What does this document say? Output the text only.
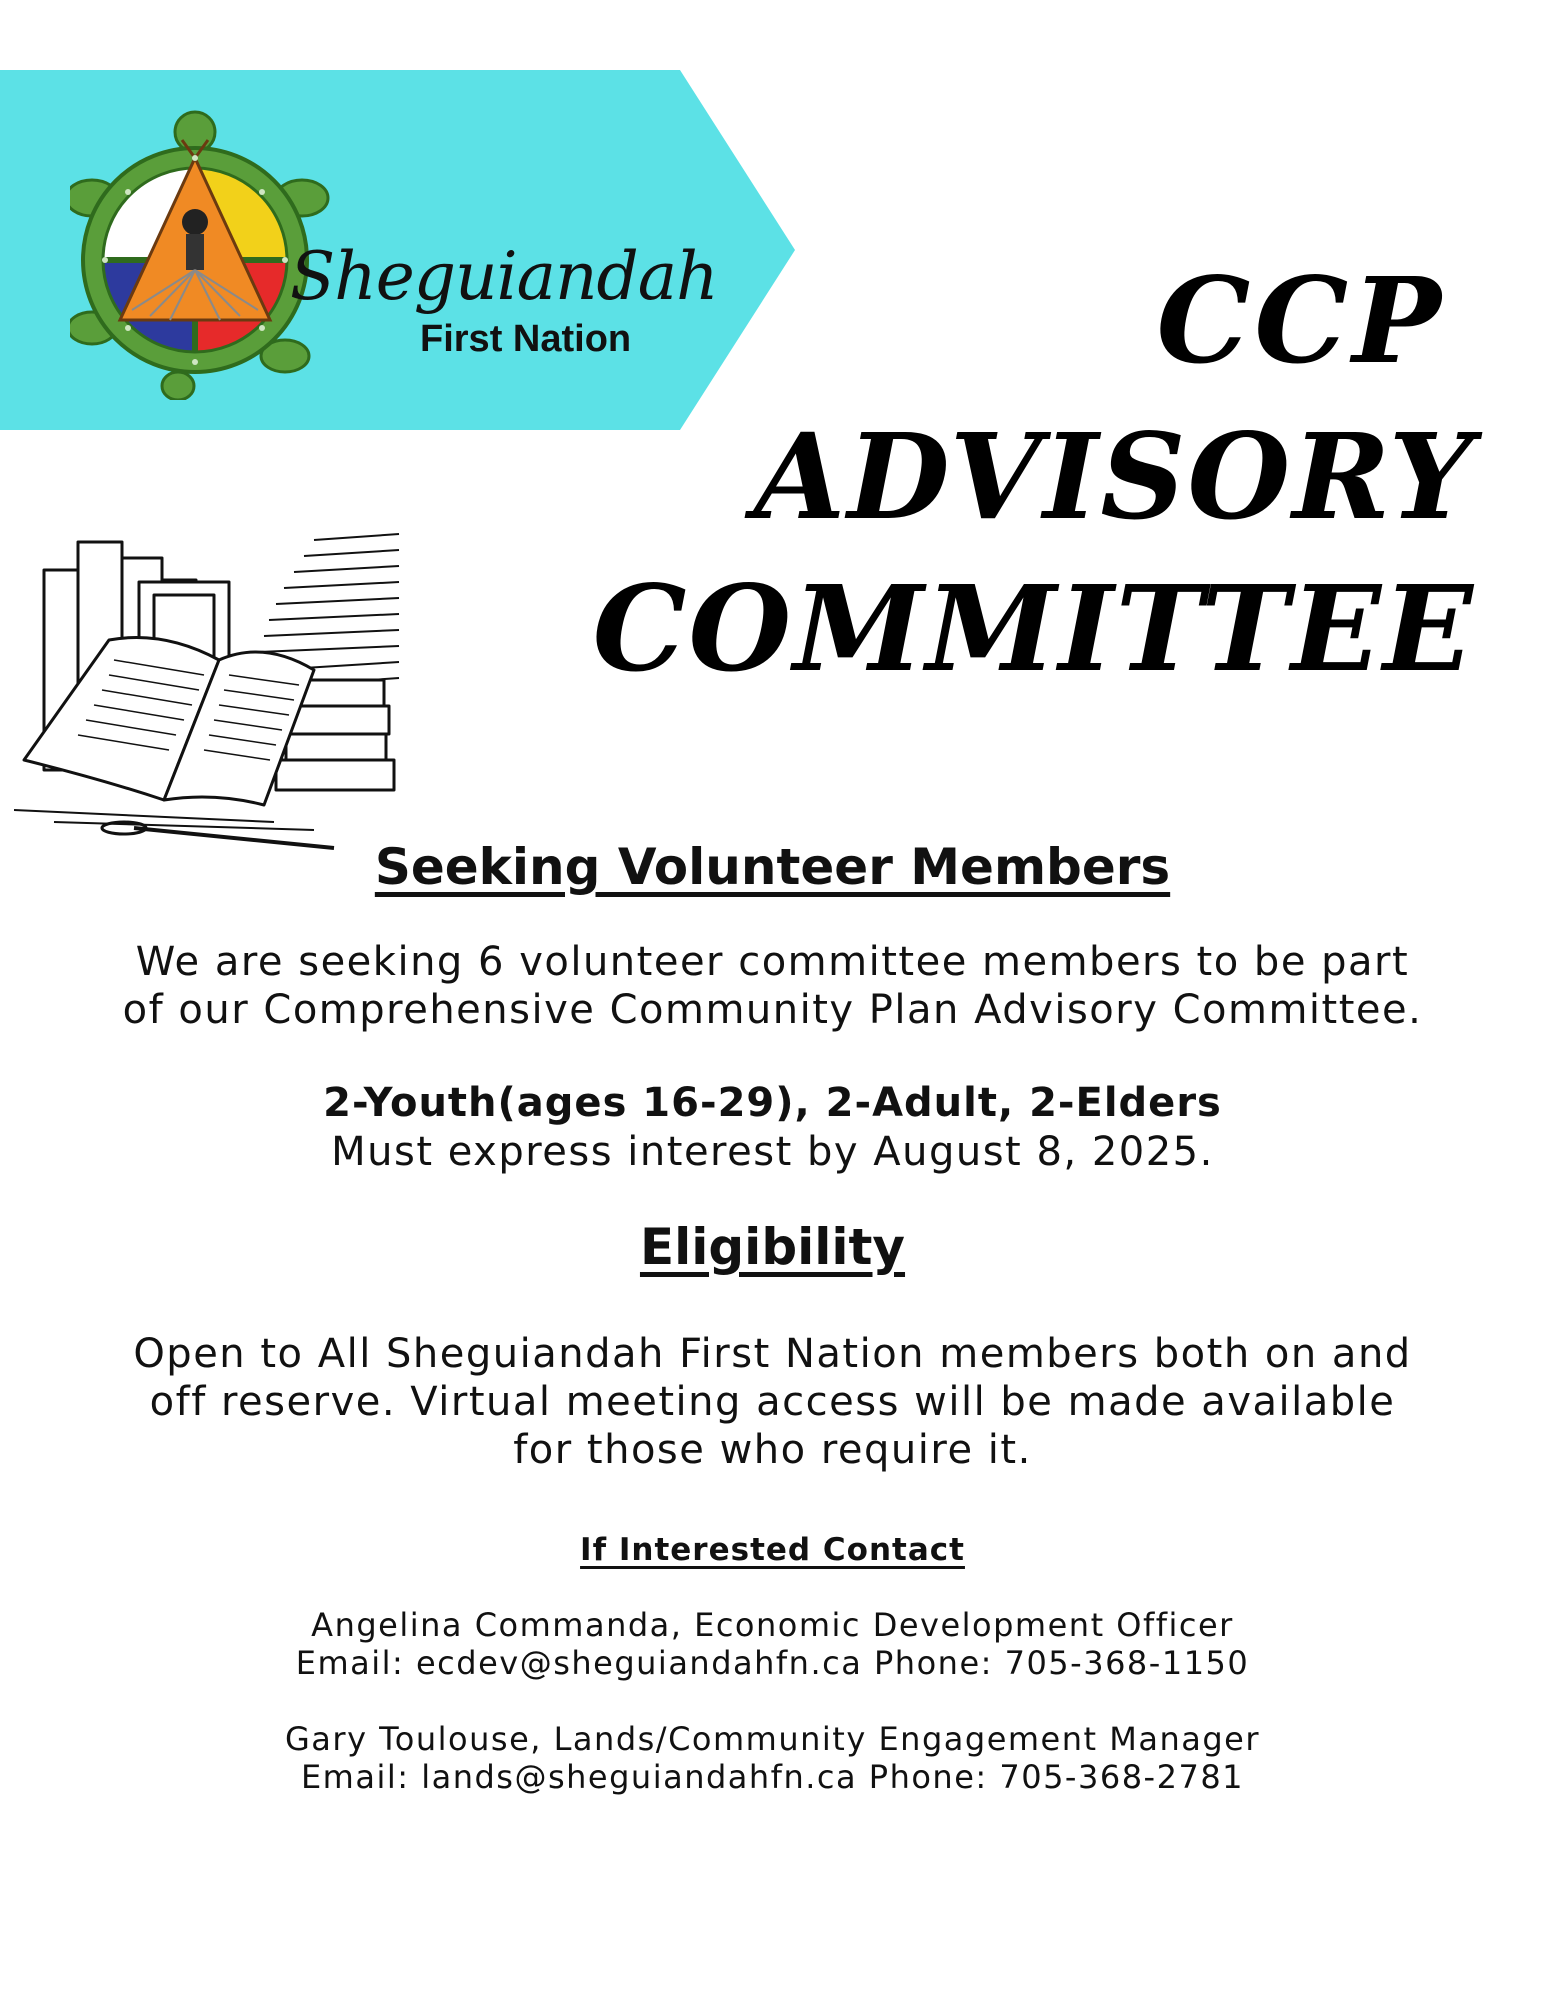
Sheguiandah
First Nation	CCP
ADVISORY
COMMITTEE
Seeking Volunteer Members
We are seeking 6 volunteer committee members to be part
of our Comprehensive Community Plan Advisory Committee.
2-Youth(ages 16-29), 2-Adult, 2-Elders
Must express interest by August 8, 2025.
Eligibility
Open to All Sheguiandah First Nation members both on and
off reserve. Virtual meeting access will be made available
for those who require it.
If Interested Contact
Angelina Commanda, Economic Development Officer
Email: ecdev@sheguiandahfn.ca Phone: 705-368-1150
Gary Toulouse, Lands/Community Engagement Manager
Email: lands@sheguiandahfn.ca Phone: 705-368-2781
